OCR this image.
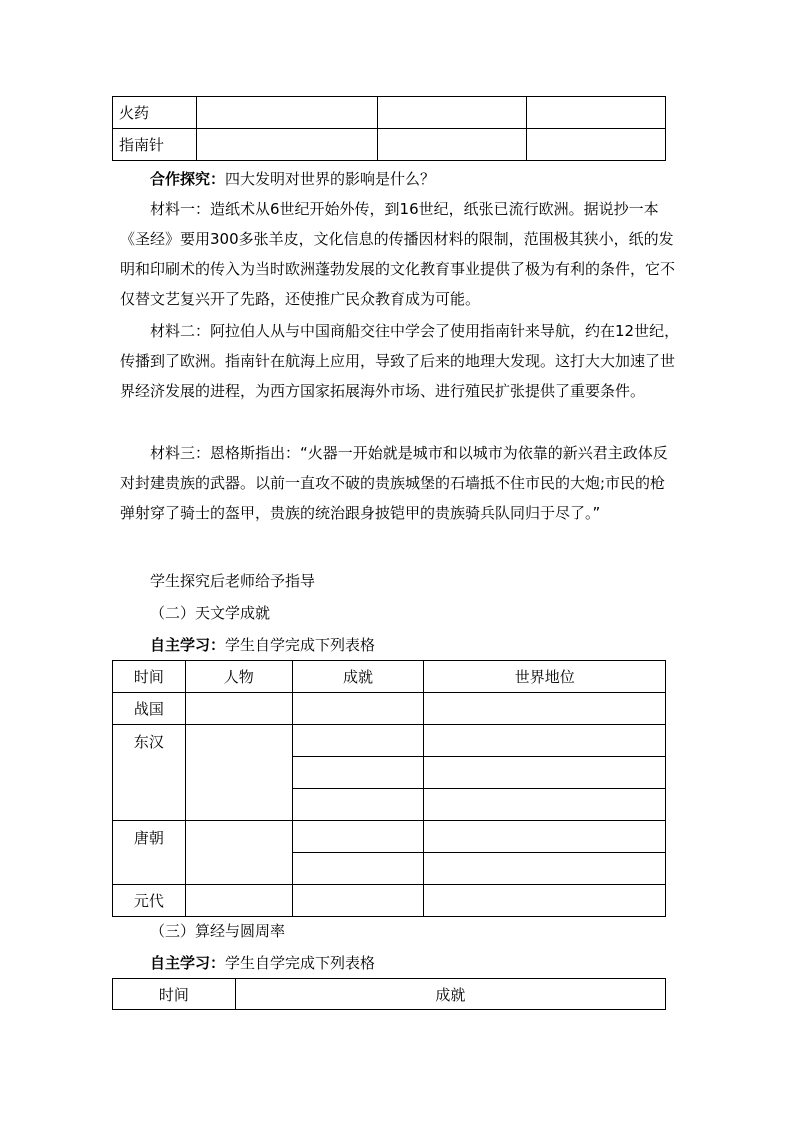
火药			
指南针			
合作探究：四大发明对世界的影响是什么？
材料一：造纸术从6世纪开始外传，到16世纪，纸张已流行欧洲。据说抄一本《圣经》要用300多张羊皮，文化信息的传播因材料的限制，范围极其狭小，纸的发明和印刷术的传入为当时欧洲蓬勃发展的文化教育事业提供了极为有利的条件，它不仅替文艺复兴开了先路，还使推广民众教育成为可能。
材料二：阿拉伯人从与中国商船交往中学会了使用指南针来导航，约在12世纪，传播到了欧洲。指南针在航海上应用，导致了后来的地理大发现。这打大大加速了世界经济发展的进程，为西方国家拓展海外市场、进行殖民扩张提供了重要条件。
材料三：恩格斯指出：“火器一开始就是城市和以城市为依靠的新兴君主政体反对封建贵族的武器。以前一直攻不破的贵族城堡的石墙抵不住市民的大炮;市民的枪弹射穿了骑士的盔甲，贵族的统治跟身披铠甲的贵族骑兵队同归于尽了。”
学生探究后老师给予指导
（二）天文学成就
自主学习：学生自学完成下列表格
时间	人物	成就	世界地位
战国			
东汉			

唐朝			

元代			
（三）算经与圆周率
自主学习：学生自学完成下列表格
时间	成就
